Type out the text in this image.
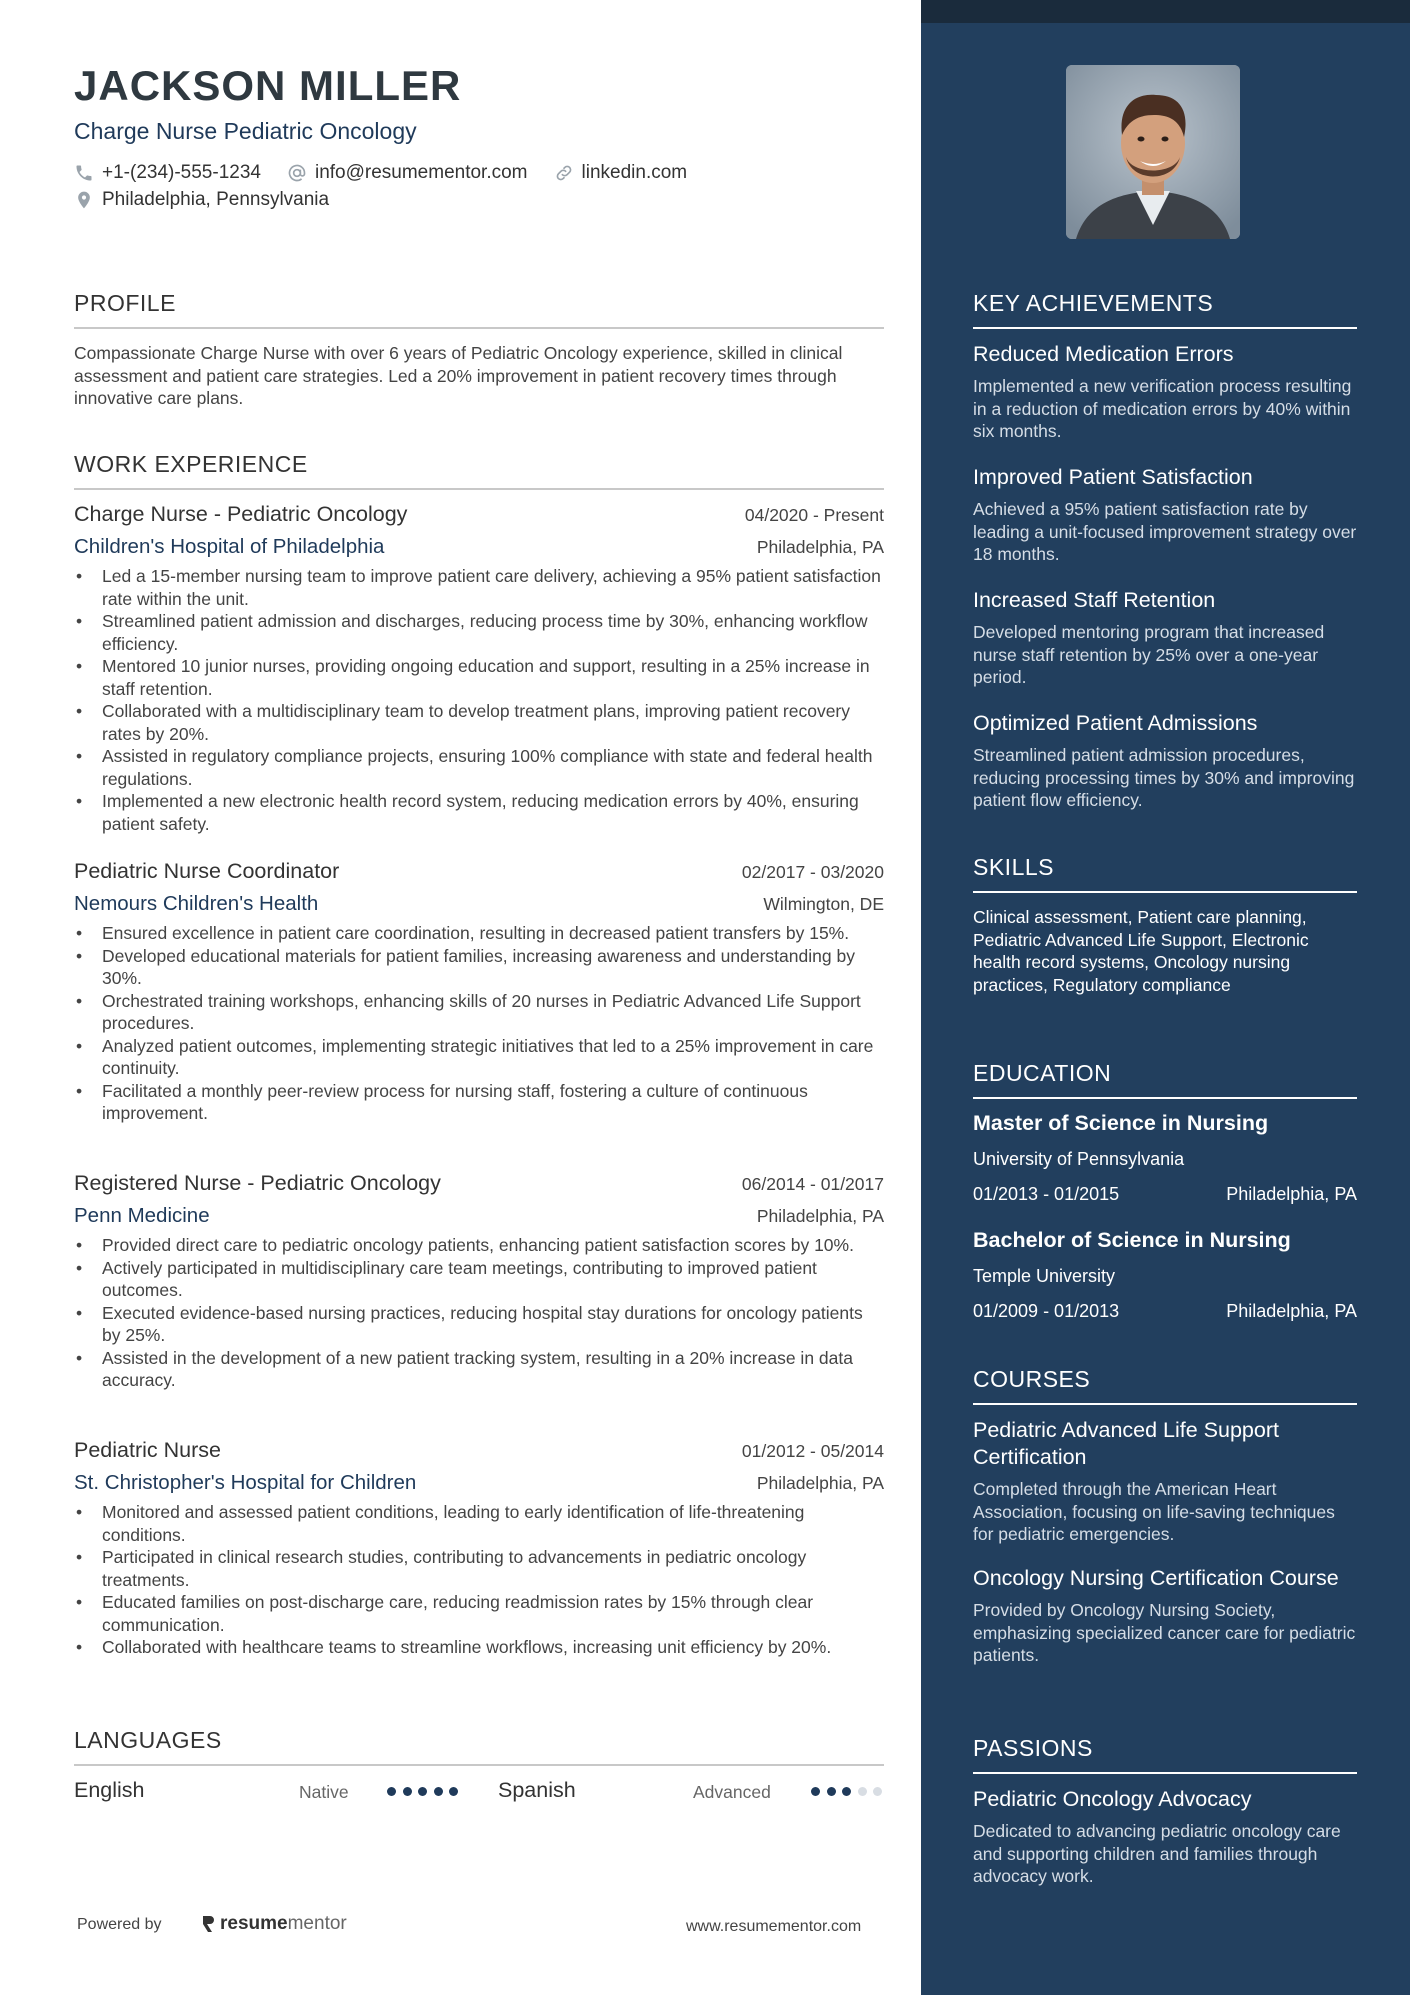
JACKSON MILLER
Charge Nurse Pediatric Oncology
+1-(234)-555-1234	info@resumementor.com	linkedin.com
Philadelphia, Pennsylvania
PROFILE
Compassionate Charge Nurse with over 6 years of Pediatric Oncology experience, skilled in clinical assessment and patient care strategies. Led a 20% improvement in patient recovery times through innovative care plans.
WORK EXPERIENCE
Charge Nurse - Pediatric Oncology	04/2020 - Present
Children's Hospital of Philadelphia	Philadelphia, PA
• Led a 15-member nursing team to improve patient care delivery, achieving a 95% patient satisfaction rate within the unit.
• Streamlined patient admission and discharges, reducing process time by 30%, enhancing workflow efficiency.
• Mentored 10 junior nurses, providing ongoing education and support, resulting in a 25% increase in staff retention.
• Collaborated with a multidisciplinary team to develop treatment plans, improving patient recovery rates by 20%.
• Assisted in regulatory compliance projects, ensuring 100% compliance with state and federal health regulations.
• Implemented a new electronic health record system, reducing medication errors by 40%, ensuring patient safety.
Pediatric Nurse Coordinator	02/2017 - 03/2020
Nemours Children's Health	Wilmington, DE
• Ensured excellence in patient care coordination, resulting in decreased patient transfers by 15%.
• Developed educational materials for patient families, increasing awareness and understanding by 30%.
• Orchestrated training workshops, enhancing skills of 20 nurses in Pediatric Advanced Life Support procedures.
• Analyzed patient outcomes, implementing strategic initiatives that led to a 25% improvement in care continuity.
• Facilitated a monthly peer-review process for nursing staff, fostering a culture of continuous improvement.
Registered Nurse - Pediatric Oncology	06/2014 - 01/2017
Penn Medicine	Philadelphia, PA
• Provided direct care to pediatric oncology patients, enhancing patient satisfaction scores by 10%.
• Actively participated in multidisciplinary care team meetings, contributing to improved patient outcomes.
• Executed evidence-based nursing practices, reducing hospital stay durations for oncology patients by 25%.
• Assisted in the development of a new patient tracking system, resulting in a 20% increase in data accuracy.
Pediatric Nurse	01/2012 - 05/2014
St. Christopher's Hospital for Children	Philadelphia, PA
• Monitored and assessed patient conditions, leading to early identification of life-threatening conditions.
• Participated in clinical research studies, contributing to advancements in pediatric oncology treatments.
• Educated families on post-discharge care, reducing readmission rates by 15% through clear communication.
• Collaborated with healthcare teams to streamline workflows, increasing unit efficiency by 20%.
LANGUAGES
English	Native	Spanish	Advanced
Powered by	resume mentor	www.resumementor.com
KEY ACHIEVEMENTS
Reduced Medication Errors
Implemented a new verification process resulting in a reduction of medication errors by 40% within six months.
Improved Patient Satisfaction
Achieved a 95% patient satisfaction rate by leading a unit-focused improvement strategy over 18 months.
Increased Staff Retention
Developed mentoring program that increased nurse staff retention by 25% over a one-year period.
Optimized Patient Admissions
Streamlined patient admission procedures, reducing processing times by 30% and improving patient flow efficiency.
SKILLS
Clinical assessment, Patient care planning, Pediatric Advanced Life Support, Electronic health record systems, Oncology nursing practices, Regulatory compliance
EDUCATION
Master of Science in Nursing
University of Pennsylvania
01/2013 - 01/2015	Philadelphia, PA
Bachelor of Science in Nursing
Temple University
01/2009 - 01/2013	Philadelphia, PA
COURSES
Pediatric Advanced Life Support Certification
Completed through the American Heart Association, focusing on life-saving techniques for pediatric emergencies.
Oncology Nursing Certification Course
Provided by Oncology Nursing Society, emphasizing specialized cancer care for pediatric patients.
PASSIONS
Pediatric Oncology Advocacy
Dedicated to advancing pediatric oncology care and supporting children and families through advocacy work.
